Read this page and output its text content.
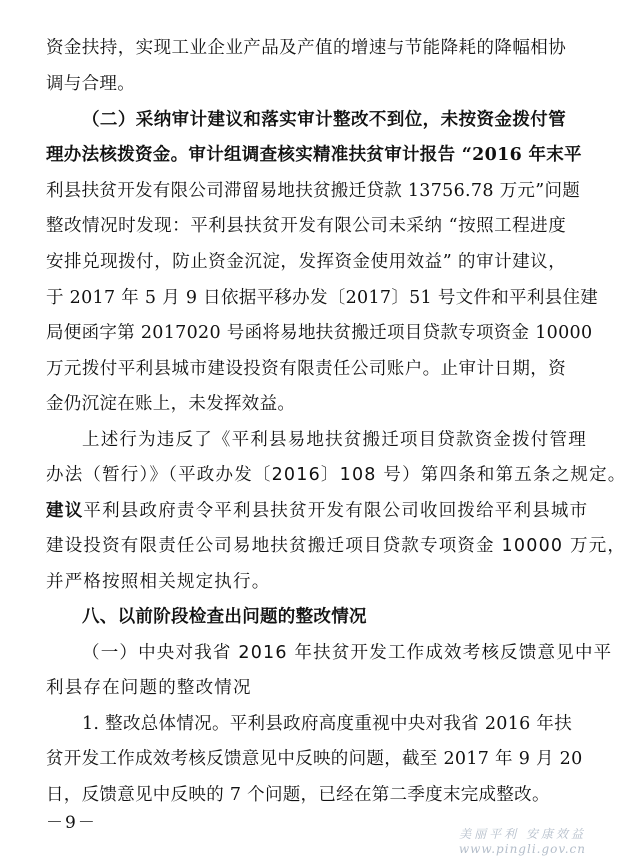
资金扶持，实现工业企业产品及产值的增速与节能降耗的降幅相协
调与合理。
（二）采纳审计建议和落实审计整改不到位，未按资金拨付管
理办法核拨资金。审计组调查核实精准扶贫审计报告 “2016 年末平
利县扶贫开发有限公司滞留易地扶贫搬迁贷款 13756.78 万元”问题
整改情况时发现：平利县扶贫开发有限公司未采纳 “按照工程进度
安排兑现拨付，防止资金沉淀，发挥资金使用效益” 的审计建议，
于 2017 年 5 月 9 日依据平移办发〔2017〕51 号文件和平利县住建
局便函字第 2017020 号函将易地扶贫搬迁项目贷款专项资金 10000
万元拨付平利县城市建设投资有限责任公司账户。止审计日期，资
金仍沉淀在账上，未发挥效益。
上述行为违反了《平利县易地扶贫搬迁项目贷款资金拨付管理
办法（暂行）》（平政办发〔2016〕108 号）第四条和第五条之规定。
建议平利县政府责令平利县扶贫开发有限公司收回拨给平利县城市
建设投资有限责任公司易地扶贫搬迁项目贷款专项资金 10000 万元，
并严格按照相关规定执行。
八、以前阶段检查出问题的整改情况
（一）中央对我省 2016 年扶贫开发工作成效考核反馈意见中平
利县存在问题的整改情况
1. 整改总体情况。平利县政府高度重视中央对我省 2016 年扶
贫开发工作成效考核反馈意见中反映的问题，截至 2017 年 9 月 20
日，反馈意见中反映的 7 个问题，已经在第二季度末完成整改。
－9－
美丽平利 安康效益
www.pingli.gov.cn
